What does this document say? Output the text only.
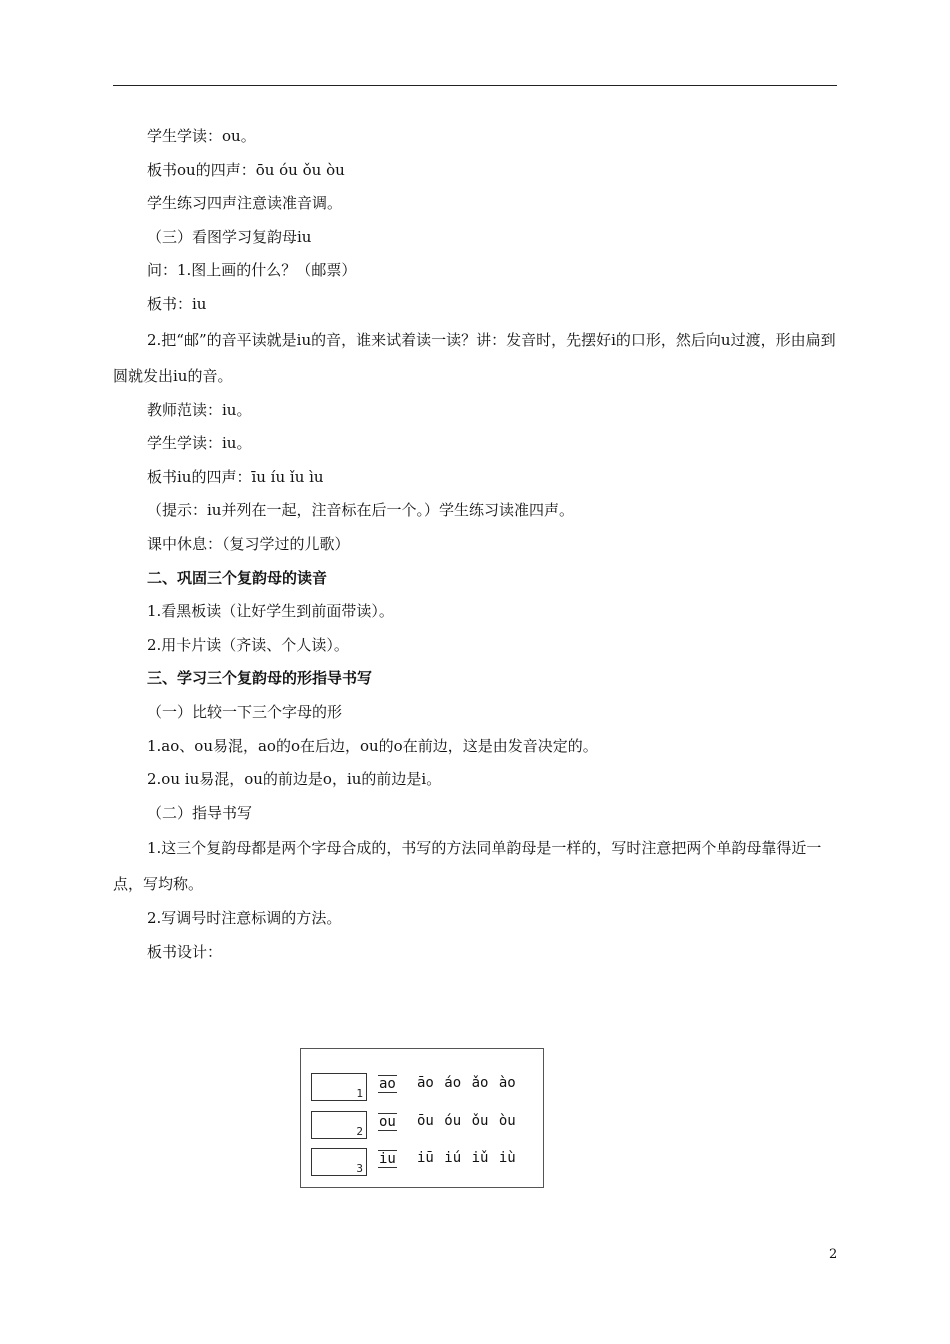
学生学读：ou。

板书ou的四声：ōu óu ǒu òu

学生练习四声注意读准音调。

（三）看图学习复韵母iu

问：1.图上画的什么？（邮票）

板书：iu

2.把“邮”的音平读就是iu的音，谁来试着读一读？讲：发音时，先摆好i的口形，然后向u过渡，形由扁到圆就发出iu的音。

教师范读：iu。

学生学读：iu。

板书iu的四声：īu íu ǐu ìu

（提示：iu并列在一起，注音标在后一个。）学生练习读准四声。

课中休息：（复习学过的儿歌）

二、巩固三个复韵母的读音

1.看黑板读（让好学生到前面带读）。

2.用卡片读（齐读、个人读）。

三、学习三个复韵母的形指导书写

（一）比较一下三个字母的形

1.ao、ou易混，ao的o在后边，ou的o在前边，这是由发音决定的。

2.ou iu易混，ou的前边是o，iu的前边是i。

（二）指导书写

1.这三个复韵母都是两个字母合成的，书写的方法同单韵母是一样的，写时注意把两个单韵母靠得近一点，写均称。

2.写调号时注意标调的方法。

板书设计：

1
ao āo áo ǎo ào
2
ou ōu óu ǒu òu
3
iu iū iú iǔ iù
2
